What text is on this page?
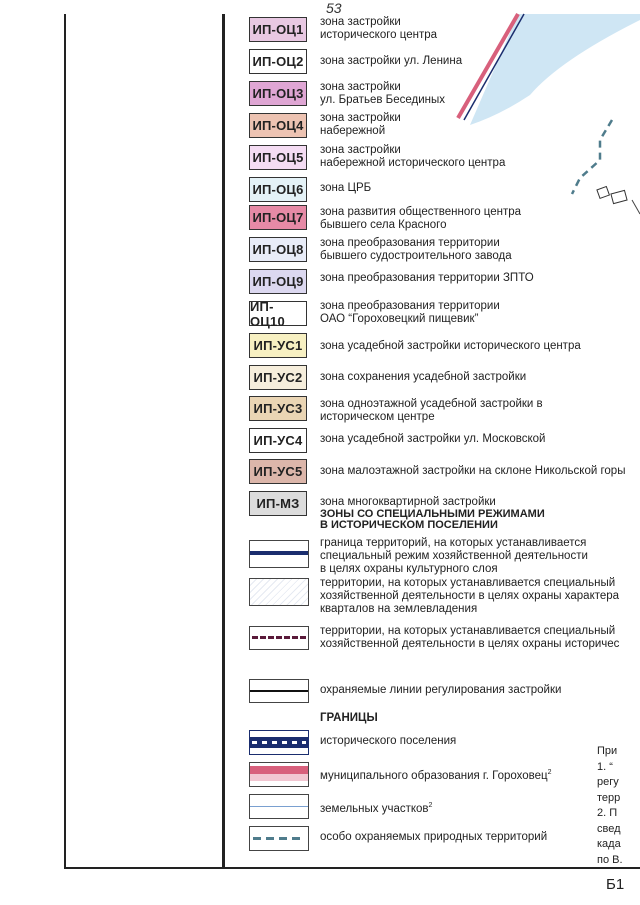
53
Б1
ИП-ОЦ1 зона застройки
исторического центра
ИП-ОЦ2 зона застройки ул. Ленина
ИП-ОЦ3 зона застройки
ул. Братьев Бесединых
ИП-ОЦ4 зона застройки
набережной
ИП-ОЦ5 зона застройки
набережной исторического центра
ИП-ОЦ6 зона ЦРБ
ИП-ОЦ7 зона развития общественного центра
бывшего села Красного
ИП-ОЦ8 зона преобразования территории
бывшего судостроительного завода
ИП-ОЦ9 зона преобразования территории ЗПТО
ИП-ОЦ10
зона преобразования территории
ОАО “Гороховецкий пищевик”
ИП-УС1 зона усадебной застройки исторического центра
ИП-УС2 зона сохранения усадебной застройки
ИП-УС3 зона одноэтажной усадебной застройки в
историческом центре
ИП-УС4 зона усадебной застройки ул. Московской
ИП-УС5 зона малоэтажной застройки на склоне Никольской горы
ИП-МЗ зона многоквартирной застройки
ЗОНЫ СО СПЕЦИАЛЬНЫМИ РЕЖИМАМИ
В ИСТОРИЧЕСКОМ ПОСЕЛЕНИИ
граница территорий, на которых устанавливается
специальный режим хозяйственной деятельности
в целях охраны культурного слоя
территории, на которых устанавливается специальный
хозяйственной деятельности в целях охраны характера
кварталов на землевладения
территории, на которых устанавливается специальный
хозяйственной деятельности в целях охраны историчес
охраняемые линии регулирования застройки
ГРАНИЦЫ
исторического поселения
муниципального образования г. Гороховец$^2$
земельных участков$^2$
особо охраняемых природных территорий
При
1. “
регу
терр
2. П
свед
када
по В.
